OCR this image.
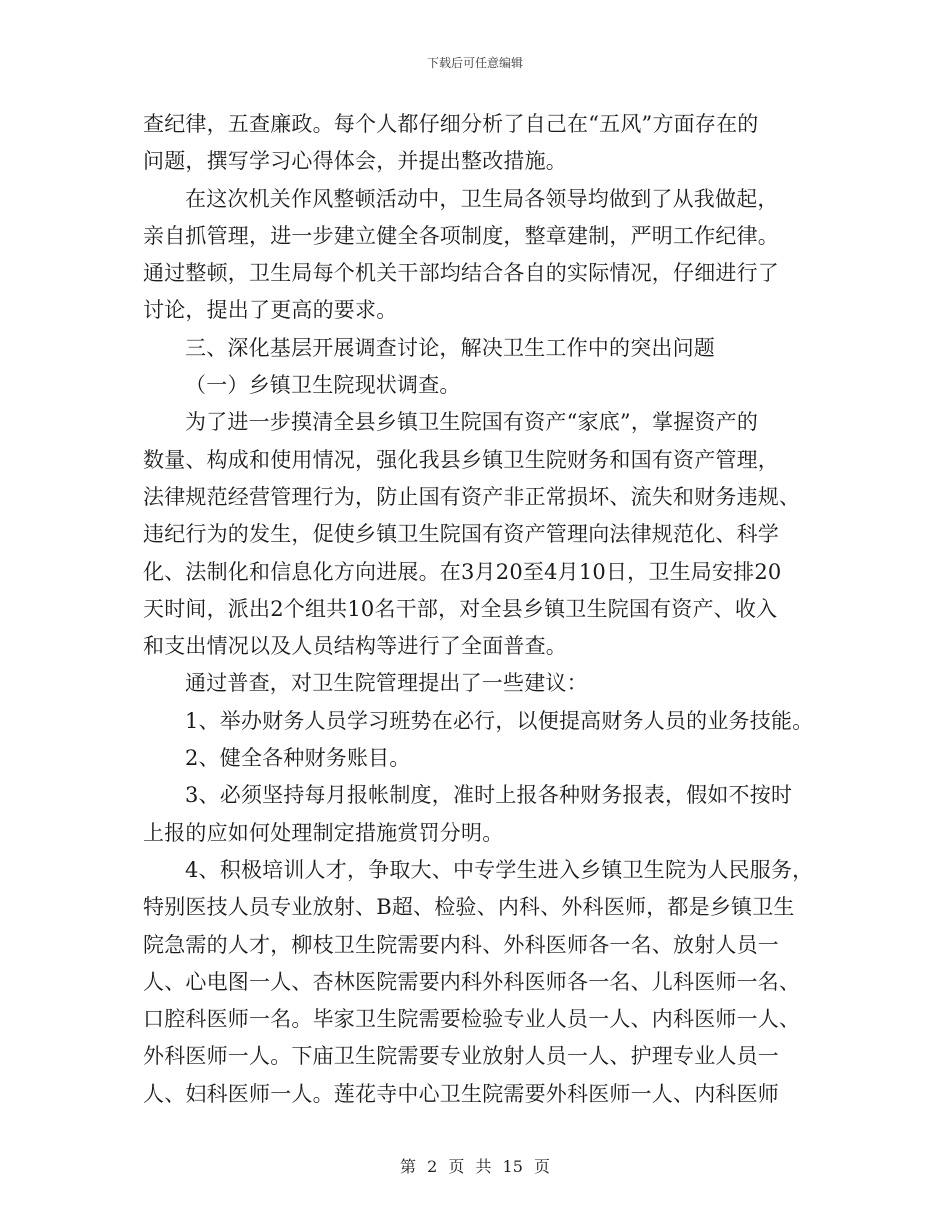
下载后可任意编辑
查纪律，五查廉政。每个人都仔细分析了自己在“五风”方面存在的
问题，撰写学习心得体会，并提出整改措施。
在这次机关作风整顿活动中，卫生局各领导均做到了从我做起，
亲自抓管理，进一步建立健全各项制度，整章建制，严明工作纪律。
通过整顿，卫生局每个机关干部均结合各自的实际情况，仔细进行了
讨论，提出了更高的要求。
三、深化基层开展调查讨论，解决卫生工作中的突出问题
（一）乡镇卫生院现状调查。
为了进一步摸清全县乡镇卫生院国有资产“家底”，掌握资产的
数量、构成和使用情况，强化我县乡镇卫生院财务和国有资产管理，
法律规范经营管理行为，防止国有资产非正常损坏、流失和财务违规、
违纪行为的发生，促使乡镇卫生院国有资产管理向法律规范化、科学
化、法制化和信息化方向进展。在3月20至4月10日，卫生局安排20
天时间，派出2个组共10名干部，对全县乡镇卫生院国有资产、收入
和支出情况以及人员结构等进行了全面普查。
通过普查，对卫生院管理提出了一些建议：
1、举办财务人员学习班势在必行，以便提高财务人员的业务技能。
2、健全各种财务账目。
3、必须坚持每月报帐制度，准时上报各种财务报表，假如不按时
上报的应如何处理制定措施赏罚分明。
4、积极培训人才，争取大、中专学生进入乡镇卫生院为人民服务，
特别医技人员专业放射、B超、检验、内科、外科医师，都是乡镇卫生
院急需的人才，柳枝卫生院需要内科、外科医师各一名、放射人员一
人、心电图一人、杏林医院需要内科外科医师各一名、儿科医师一名、
口腔科医师一名。毕家卫生院需要检验专业人员一人、内科医师一人、
外科医师一人。下庙卫生院需要专业放射人员一人、护理专业人员一
人、妇科医师一人。莲花寺中心卫生院需要外科医师一人、内科医师
第 2 页 共 15 页
